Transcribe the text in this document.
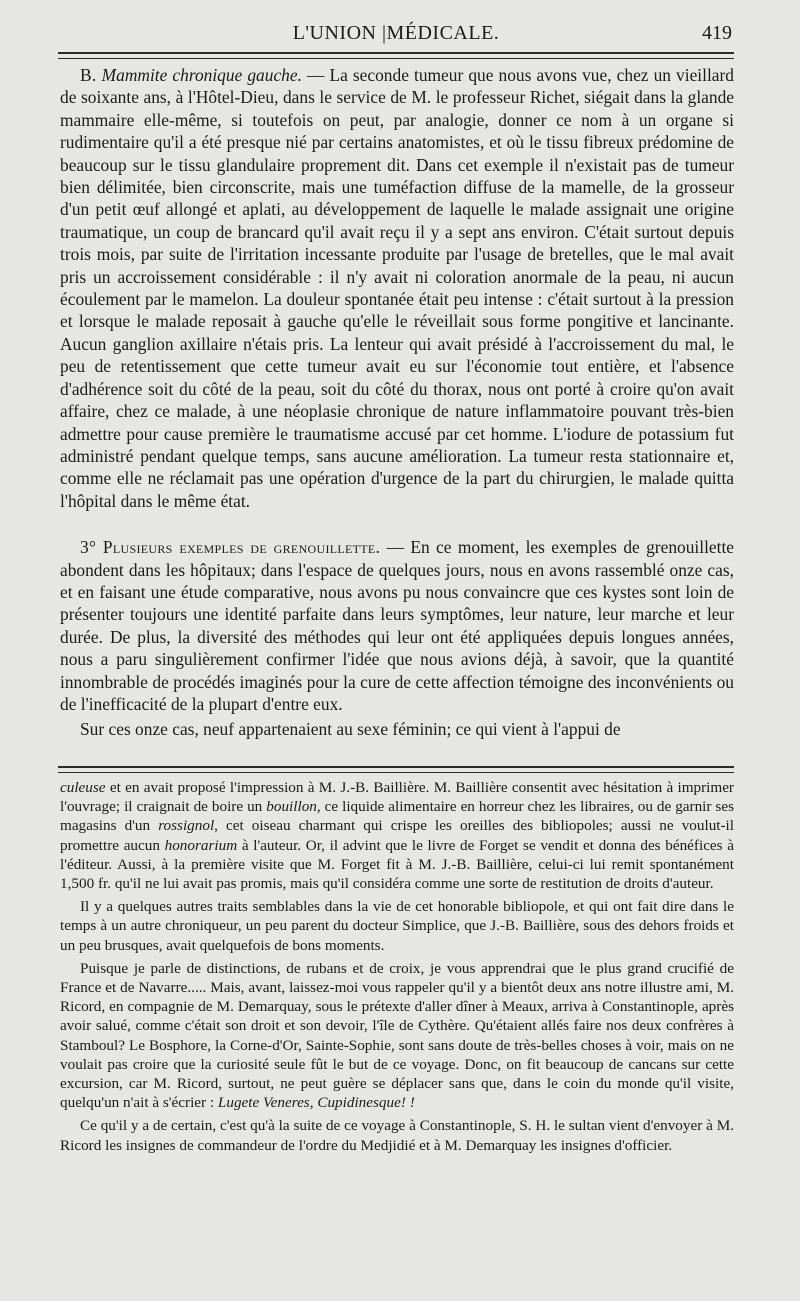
L'UNION |MÉDICALE.	419

B. Mammite chronique gauche. — La seconde tumeur que nous avons vue, chez un vieillard de soixante ans, à l'Hôtel-Dieu, dans le service de M. le professeur Richet, siégait dans la glande mammaire elle-même, si toutefois on peut, par analogie, donner ce nom à un organe si rudimentaire qu'il a été presque nié par certains anatomistes, et où le tissu fibreux prédomine de beaucoup sur le tissu glandulaire proprement dit. Dans cet exemple il n'existait pas de tumeur bien délimitée, bien circonscrite, mais une tuméfaction diffuse de la mamelle, de la grosseur d'un petit œuf allongé et aplati, au développement de laquelle le malade assignait une origine traumatique, un coup de brancard qu'il avait reçu il y a sept ans environ. C'était surtout depuis trois mois, par suite de l'irritation incessante produite par l'usage de bretelles, que le mal avait pris un accroissement considérable : il n'y avait ni coloration anormale de la peau, ni aucun écoulement par le mamelon. La douleur spontanée était peu intense : c'était surtout à la pression et lorsque le malade reposait à gauche qu'elle le réveillait sous forme pongitive et lancinante. Aucun ganglion axillaire n'étais pris. La lenteur qui avait présidé à l'accroissement du mal, le peu de retentissement que cette tumeur avait eu sur l'économie tout entière, et l'absence d'adhérence soit du côté de la peau, soit du côté du thorax, nous ont porté à croire qu'on avait affaire, chez ce malade, à une néoplasie chronique de nature inflammatoire pouvant très-bien admettre pour cause première le traumatisme accusé par cet homme. L'iodure de potassium fut administré pendant quelque temps, sans aucune amélioration. La tumeur resta stationnaire et, comme elle ne réclamait pas une opération d'urgence de la part du chirurgien, le malade quitta l'hôpital dans le même état.

3° Plusieurs exemples de grenouillette. — En ce moment, les exemples de grenouillette abondent dans les hôpitaux; dans l'espace de quelques jours, nous en avons rassemblé onze cas, et en faisant une étude comparative, nous avons pu nous convaincre que ces kystes sont loin de présenter toujours une identité parfaite dans leurs symptômes, leur nature, leur marche et leur durée. De plus, la diversité des méthodes qui leur ont été appliquées depuis longues années, nous a paru singulièrement confirmer l'idée que nous avions déjà, à savoir, que la quantité innombrable de procédés imaginés pour la cure de cette affection témoigne des inconvénients ou de l'inefficacité de la plupart d'entre eux.

Sur ces onze cas, neuf appartenaient au sexe féminin; ce qui vient à l'appui de

culeuse et en avait proposé l'impression à M. J.-B. Baillière. M. Baillière consentit avec hésitation à imprimer l'ouvrage; il craignait de boire un bouillon, ce liquide alimentaire en horreur chez les libraires, ou de garnir ses magasins d'un rossignol, cet oiseau charmant qui crispe les oreilles des bibliopoles; aussi ne voulut-il promettre aucun honorarium à l'auteur. Or, il advint que le livre de Forget se vendit et donna des bénéfices à l'éditeur. Aussi, à la première visite que M. Forget fit à M. J.-B. Baillière, celui-ci lui remit spontanément 1,500 fr. qu'il ne lui avait pas promis, mais qu'il considéra comme une sorte de restitution de droits d'auteur.

Il y a quelques autres traits semblables dans la vie de cet honorable bibliopole, et qui ont fait dire dans le temps à un autre chroniqueur, un peu parent du docteur Simplice, que J.-B. Baillière, sous des dehors froids et un peu brusques, avait quelquefois de bons moments.

Puisque je parle de distinctions, de rubans et de croix, je vous apprendrai que le plus grand crucifié de France et de Navarre..... Mais, avant, laissez-moi vous rappeler qu'il y a bientôt deux ans notre illustre ami, M. Ricord, en compagnie de M. Demarquay, sous le prétexte d'aller dîner à Meaux, arriva à Constantinople, après avoir salué, comme c'était son droit et son devoir, l'île de Cythère. Qu'étaient allés faire nos deux confrères à Stamboul? Le Bosphore, la Corne-d'Or, Sainte-Sophie, sont sans doute de très-belles choses à voir, mais on ne voulait pas croire que la curiosité seule fût le but de ce voyage. Donc, on fit beaucoup de cancans sur cette excursion, car M. Ricord, surtout, ne peut guère se déplacer sans que, dans le coin du monde qu'il visite, quelqu'un n'ait à s'écrier : Lugete Veneres, Cupidinesque! !

Ce qu'il y a de certain, c'est qu'à la suite de ce voyage à Constantinople, S. H. le sultan vient d'envoyer à M. Ricord les insignes de commandeur de l'ordre du Medjidié et à M. Demarquay les insignes d'officier.
